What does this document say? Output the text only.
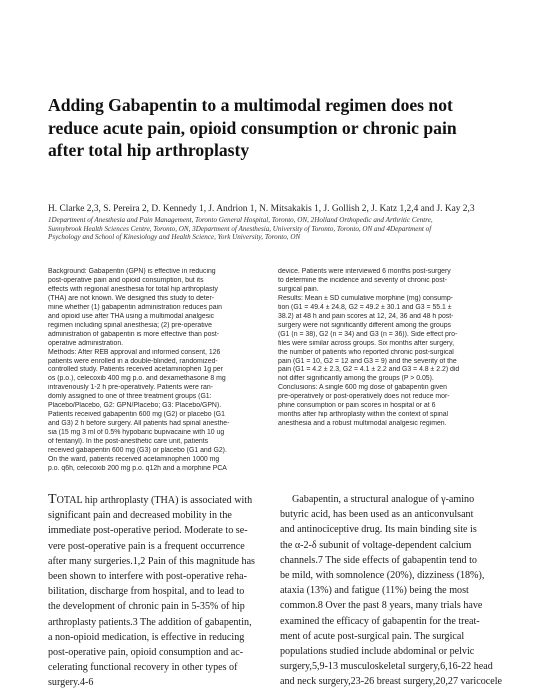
Adding Gabapentin to a multimodal regimen does not
reduce acute pain, opioid consumption or chronic pain
after total hip arthroplasty
H. Clarke 2,3, S. Pereira 2, D. Kennedy 1, J. Andrion 1, N. Mitsakakis 1, J. Gollish 2, J. Katz 1,2,4 and J. Kay 2,3
1Department of Anesthesia and Pain Management, Toronto General Hospital, Toronto, ON, 2Holland Orthopedic and Arthritic Centre,
Sunnybrook Health Sciences Centre, Toronto, ON, 3Department of Anesthesia, University of Toronto, Toronto, ON and 4Department of
Psychology and School of Kinesiology and Health Science, York University, Toronto, ON
Background: Gabapentin (GPN) is effective in reducing
post-operative pain and opioid consumption, but its
effects with regional anesthesia for total hip arthroplasty
(THA) are not known. We designed this study to deter-
mine whether (1) gabapentin administration reduces pain
and opioid use after THA using a multimodal analgesic
regimen including spinal anesthesia; (2) pre-operative
administration of gabapentin is more effective than post-
operative administration.
Methods: After REB approval and informed consent, 126
patients were enrolled in a double-blinded, randomized-
controlled study. Patients received acetaminophen 1g per
os (p.o.), celecoxib 400 mg p.o. and dexamethasone 8 mg
intravenously 1-2 h pre-operatively. Patients were ran-
domly assigned to one of three treatment groups (G1:
Placebo/Placebo, G2: GPN/Placebo; G3: Placebo/GPN).
Patients received gabapentin 600 mg (G2) or placebo (G1
and G3) 2 h before surgery. All patients had spinal anesthe-
sia (15 mg 3 ml of 0.5% hypobaric bupivacaine with 10 ug
of fentanyl). In the post-anesthetic care unit, patients
received gabapentin 600 mg (G3) or placebo (G1 and G2).
On the ward, patients received acetaminophen 1000 mg
p.o. q6h, celecoxib 200 mg p.o. q12h and a morphine PCA
device. Patients were interviewed 6 months post-surgery
to determine the incidence and severity of chronic post-
surgical pain.
Results: Mean ± SD cumulative morphine (mg) consump-
tion (G1 = 49.4 ± 24.8, G2 = 49.2 ± 30.1 and G3 = 55.1 ±
38.2) at 48 h and pain scores at 12, 24, 36 and 48 h post-
surgery were not significantly different among the groups
(G1 (n = 38), G2 (n = 34) and G3 (n = 36)). Side effect pro-
files were similar across groups. Six months after surgery,
the number of patients who reported chronic post-surgical
pain (G1 = 10, G2 = 12 and G3 = 9) and the severity of the
pain (G1 = 4.2 ± 2.3, G2 = 4.1 ± 2.2 and G3 = 4.8 ± 2.2) did
not differ significantly among the groups (P > 0.05).
Conclusions: A single 600 mg dose of gabapentin given
pre-operatively or post-operatively does not reduce mor-
phine consumption or pain scores in hospital or at 6
months after hip arthroplasty within the context of spinal
anesthesia and a robust multimodal analgesic regimen.
TOTAL hip arthroplasty (THA) is associated with
significant pain and decreased mobility in the
immediate post-operative period. Moderate to se-
vere post-operative pain is a frequent occurrence
after many surgeries.1,2 Pain of this magnitude has
been shown to interfere with post-operative reha-
bilitation, discharge from hospital, and to lead to
the development of chronic pain in 5-35% of hip
arthroplasty patients.3 The addition of gabapentin,
a non-opioid medication, is effective in reducing
post-operative pain, opioid consumption and ac-
celerating functional recovery in other types of
surgery.4-6
Gabapentin, a structural analogue of γ-amino
butyric acid, has been used as an anticonvulsant
and antinociceptive drug. Its main binding site is
the α-2-δ subunit of voltage-dependent calcium
channels.7 The side effects of gabapentin tend to
be mild, with somnolence (20%), dizziness (18%),
ataxia (13%) and fatigue (11%) being the most
common.8 Over the past 8 years, many trials have
examined the efficacy of gabapentin for the treat-
ment of acute post-surgical pain. The surgical
populations studied include abdominal or pelvic
surgery,5,9-13 musculoskeletal surgery,6,16-22 head
and neck surgery,23-26 breast surgery,20,27 varicocele
